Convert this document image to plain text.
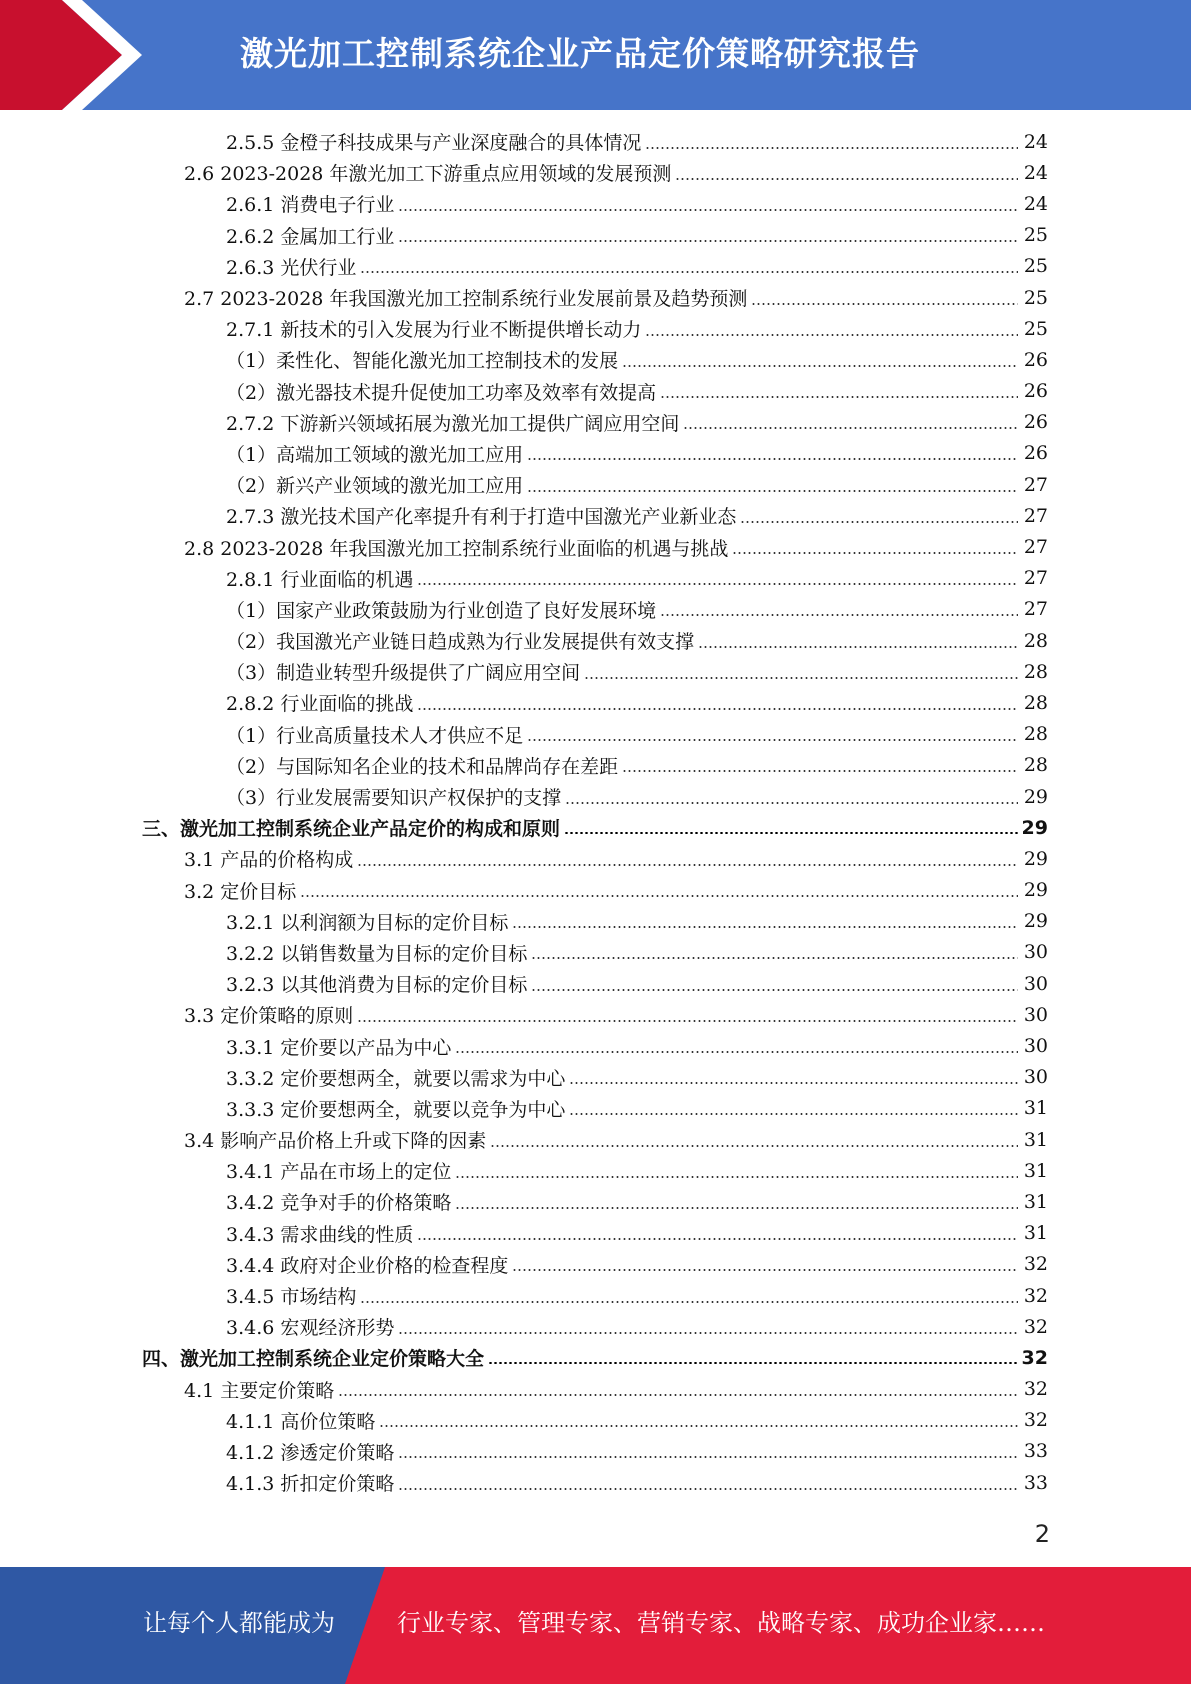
激光加工控制系统企业产品定价策略研究报告
2.5.5 金橙子科技成果与产业深度融合的具体情况	24
2.6 2023-2028 年激光加工下游重点应用领域的发展预测	24
2.6.1 消费电子行业	24
2.6.2 金属加工行业	25
2.6.3 光伏行业	25
2.7 2023-2028 年我国激光加工控制系统行业发展前景及趋势预测	25
2.7.1 新技术的引入发展为行业不断提供增长动力	25
（1）柔性化、智能化激光加工控制技术的发展	26
（2）激光器技术提升促使加工功率及效率有效提高	26
2.7.2 下游新兴领域拓展为激光加工提供广阔应用空间	26
（1）高端加工领域的激光加工应用	26
（2）新兴产业领域的激光加工应用	27
2.7.3 激光技术国产化率提升有利于打造中国激光产业新业态	27
2.8 2023-2028 年我国激光加工控制系统行业面临的机遇与挑战	27
2.8.1 行业面临的机遇	27
（1）国家产业政策鼓励为行业创造了良好发展环境	27
（2）我国激光产业链日趋成熟为行业发展提供有效支撑	28
（3）制造业转型升级提供了广阔应用空间	28
2.8.2 行业面临的挑战	28
（1）行业高质量技术人才供应不足	28
（2）与国际知名企业的技术和品牌尚存在差距	28
（3）行业发展需要知识产权保护的支撑	29
三、激光加工控制系统企业产品定价的构成和原则	29
3.1 产品的价格构成	29
3.2 定价目标	29
3.2.1 以利润额为目标的定价目标	29
3.2.2 以销售数量为目标的定价目标	30
3.2.3 以其他消费为目标的定价目标	30
3.3 定价策略的原则	30
3.3.1 定价要以产品为中心	30
3.3.2 定价要想两全，就要以需求为中心	30
3.3.3 定价要想两全，就要以竞争为中心	31
3.4 影响产品价格上升或下降的因素	31
3.4.1 产品在市场上的定位	31
3.4.2 竞争对手的价格策略	31
3.4.3 需求曲线的性质	31
3.4.4 政府对企业价格的检查程度	32
3.4.5 市场结构	32
3.4.6 宏观经济形势	32
四、激光加工控制系统企业定价策略大全	32
4.1 主要定价策略	32
4.1.1 高价位策略	32
4.1.2 渗透定价策略	33
4.1.3 折扣定价策略	33
2
让每个人都能成为	行业专家、管理专家、营销专家、战略专家、成功企业家……
